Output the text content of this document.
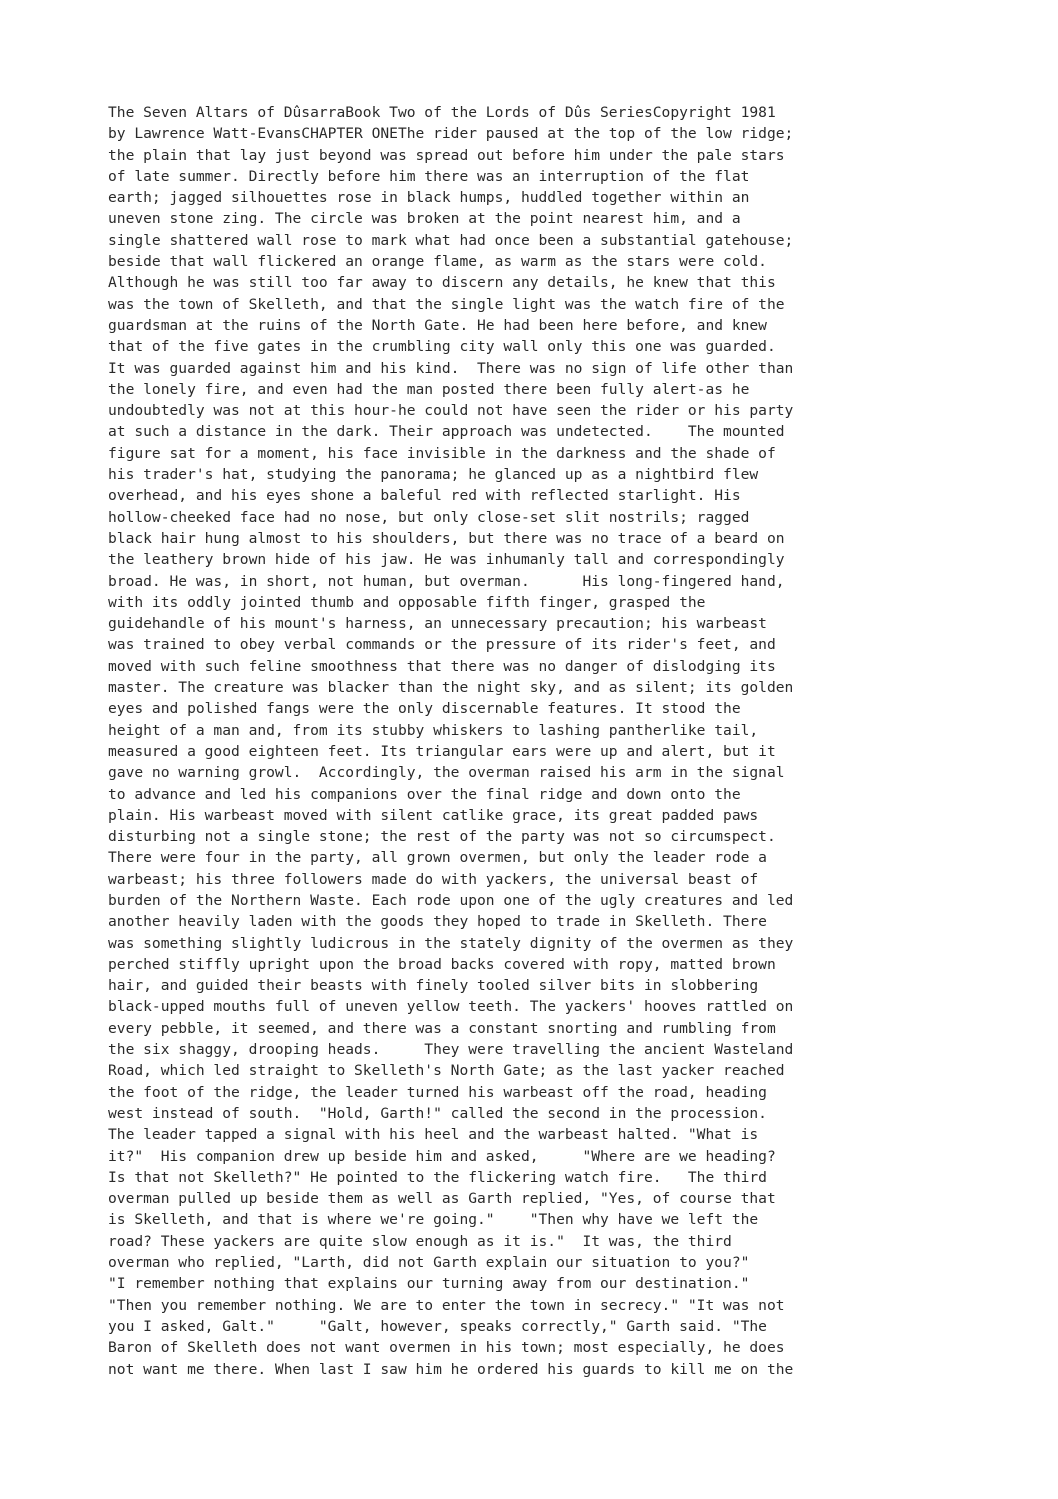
The Seven Altars of DûsarraBook Two of the Lords of Dûs SeriesCopyright 1981
by Lawrence Watt-EvansCHAPTER ONEThe rider paused at the top of the low ridge;
the plain that lay just beyond was spread out before him under the pale stars
of late summer. Directly before him there was an interruption of the flat
earth; jagged silhouettes rose in black humps, huddled together within an
uneven stone zing. The circle was broken at the point nearest him, and a
single shattered wall rose to mark what had once been a substantial gatehouse;
beside that wall flickered an orange flame, as warm as the stars were cold.
Although he was still too far away to discern any details, he knew that this
was the town of Skelleth, and that the single light was the watch fire of the
guardsman at the ruins of the North Gate. He had been here before, and knew
that of the five gates in the crumbling city wall only this one was guarded.
It was guarded against him and his kind.  There was no sign of life other than
the lonely fire, and even had the man posted there been fully alert-as he
undoubtedly was not at this hour-he could not have seen the rider or his party
at such a distance in the dark. Their approach was undetected.    The mounted
figure sat for a moment, his face invisible in the darkness and the shade of
his trader's hat, studying the panorama; he glanced up as a nightbird flew
overhead, and his eyes shone a baleful red with reflected starlight. His
hollow-cheeked face had no nose, but only close-set slit nostrils; ragged
black hair hung almost to his shoulders, but there was no trace of a beard on
the leathery brown hide of his jaw. He was inhumanly tall and correspondingly
broad. He was, in short, not human, but overman.      His long-fingered hand,
with its oddly jointed thumb and opposable fifth finger, grasped the
guidehandle of his mount's harness, an unnecessary precaution; his warbeast
was trained to obey verbal commands or the pressure of its rider's feet, and
moved with such feline smoothness that there was no danger of dislodging its
master. The creature was blacker than the night sky, and as silent; its golden
eyes and polished fangs were the only discernable features. It stood the
height of a man and, from its stubby whiskers to lashing pantherlike tail,
measured a good eighteen feet. Its triangular ears were up and alert, but it
gave no warning growl.  Accordingly, the overman raised his arm in the signal
to advance and led his companions over the final ridge and down onto the
plain. His warbeast moved with silent catlike grace, its great padded paws
disturbing not a single stone; the rest of the party was not so circumspect.
There were four in the party, all grown overmen, but only the leader rode a
warbeast; his three followers made do with yackers, the universal beast of
burden of the Northern Waste. Each rode upon one of the ugly creatures and led
another heavily laden with the goods they hoped to trade in Skelleth. There
was something slightly ludicrous in the stately dignity of the overmen as they
perched stiffly upright upon the broad backs covered with ropy, matted brown
hair, and guided their beasts with finely tooled silver bits in slobbering
black-upped mouths full of uneven yellow teeth. The yackers' hooves rattled on
every pebble, it seemed, and there was a constant snorting and rumbling from
the six shaggy, drooping heads.     They were travelling the ancient Wasteland
Road, which led straight to Skelleth's North Gate; as the last yacker reached
the foot of the ridge, the leader turned his warbeast off the road, heading
west instead of south.  "Hold, Garth!" called the second in the procession.
The leader tapped a signal with his heel and the warbeast halted. "What is
it?"  His companion drew up beside him and asked,     "Where are we heading?
Is that not Skelleth?" He pointed to the flickering watch fire.   The third
overman pulled up beside them as well as Garth replied, "Yes, of course that
is Skelleth, and that is where we're going."    "Then why have we left the
road? These yackers are quite slow enough as it is."  It was, the third
overman who replied, "Larth, did not Garth explain our situation to you?"
"I remember nothing that explains our turning away from our destination."
"Then you remember nothing. We are to enter the town in secrecy." "It was not
you I asked, Galt."     "Galt, however, speaks correctly," Garth said. "The
Baron of Skelleth does not want overmen in his town; most especially, he does
not want me there. When last I saw him he ordered his guards to kill me on the
